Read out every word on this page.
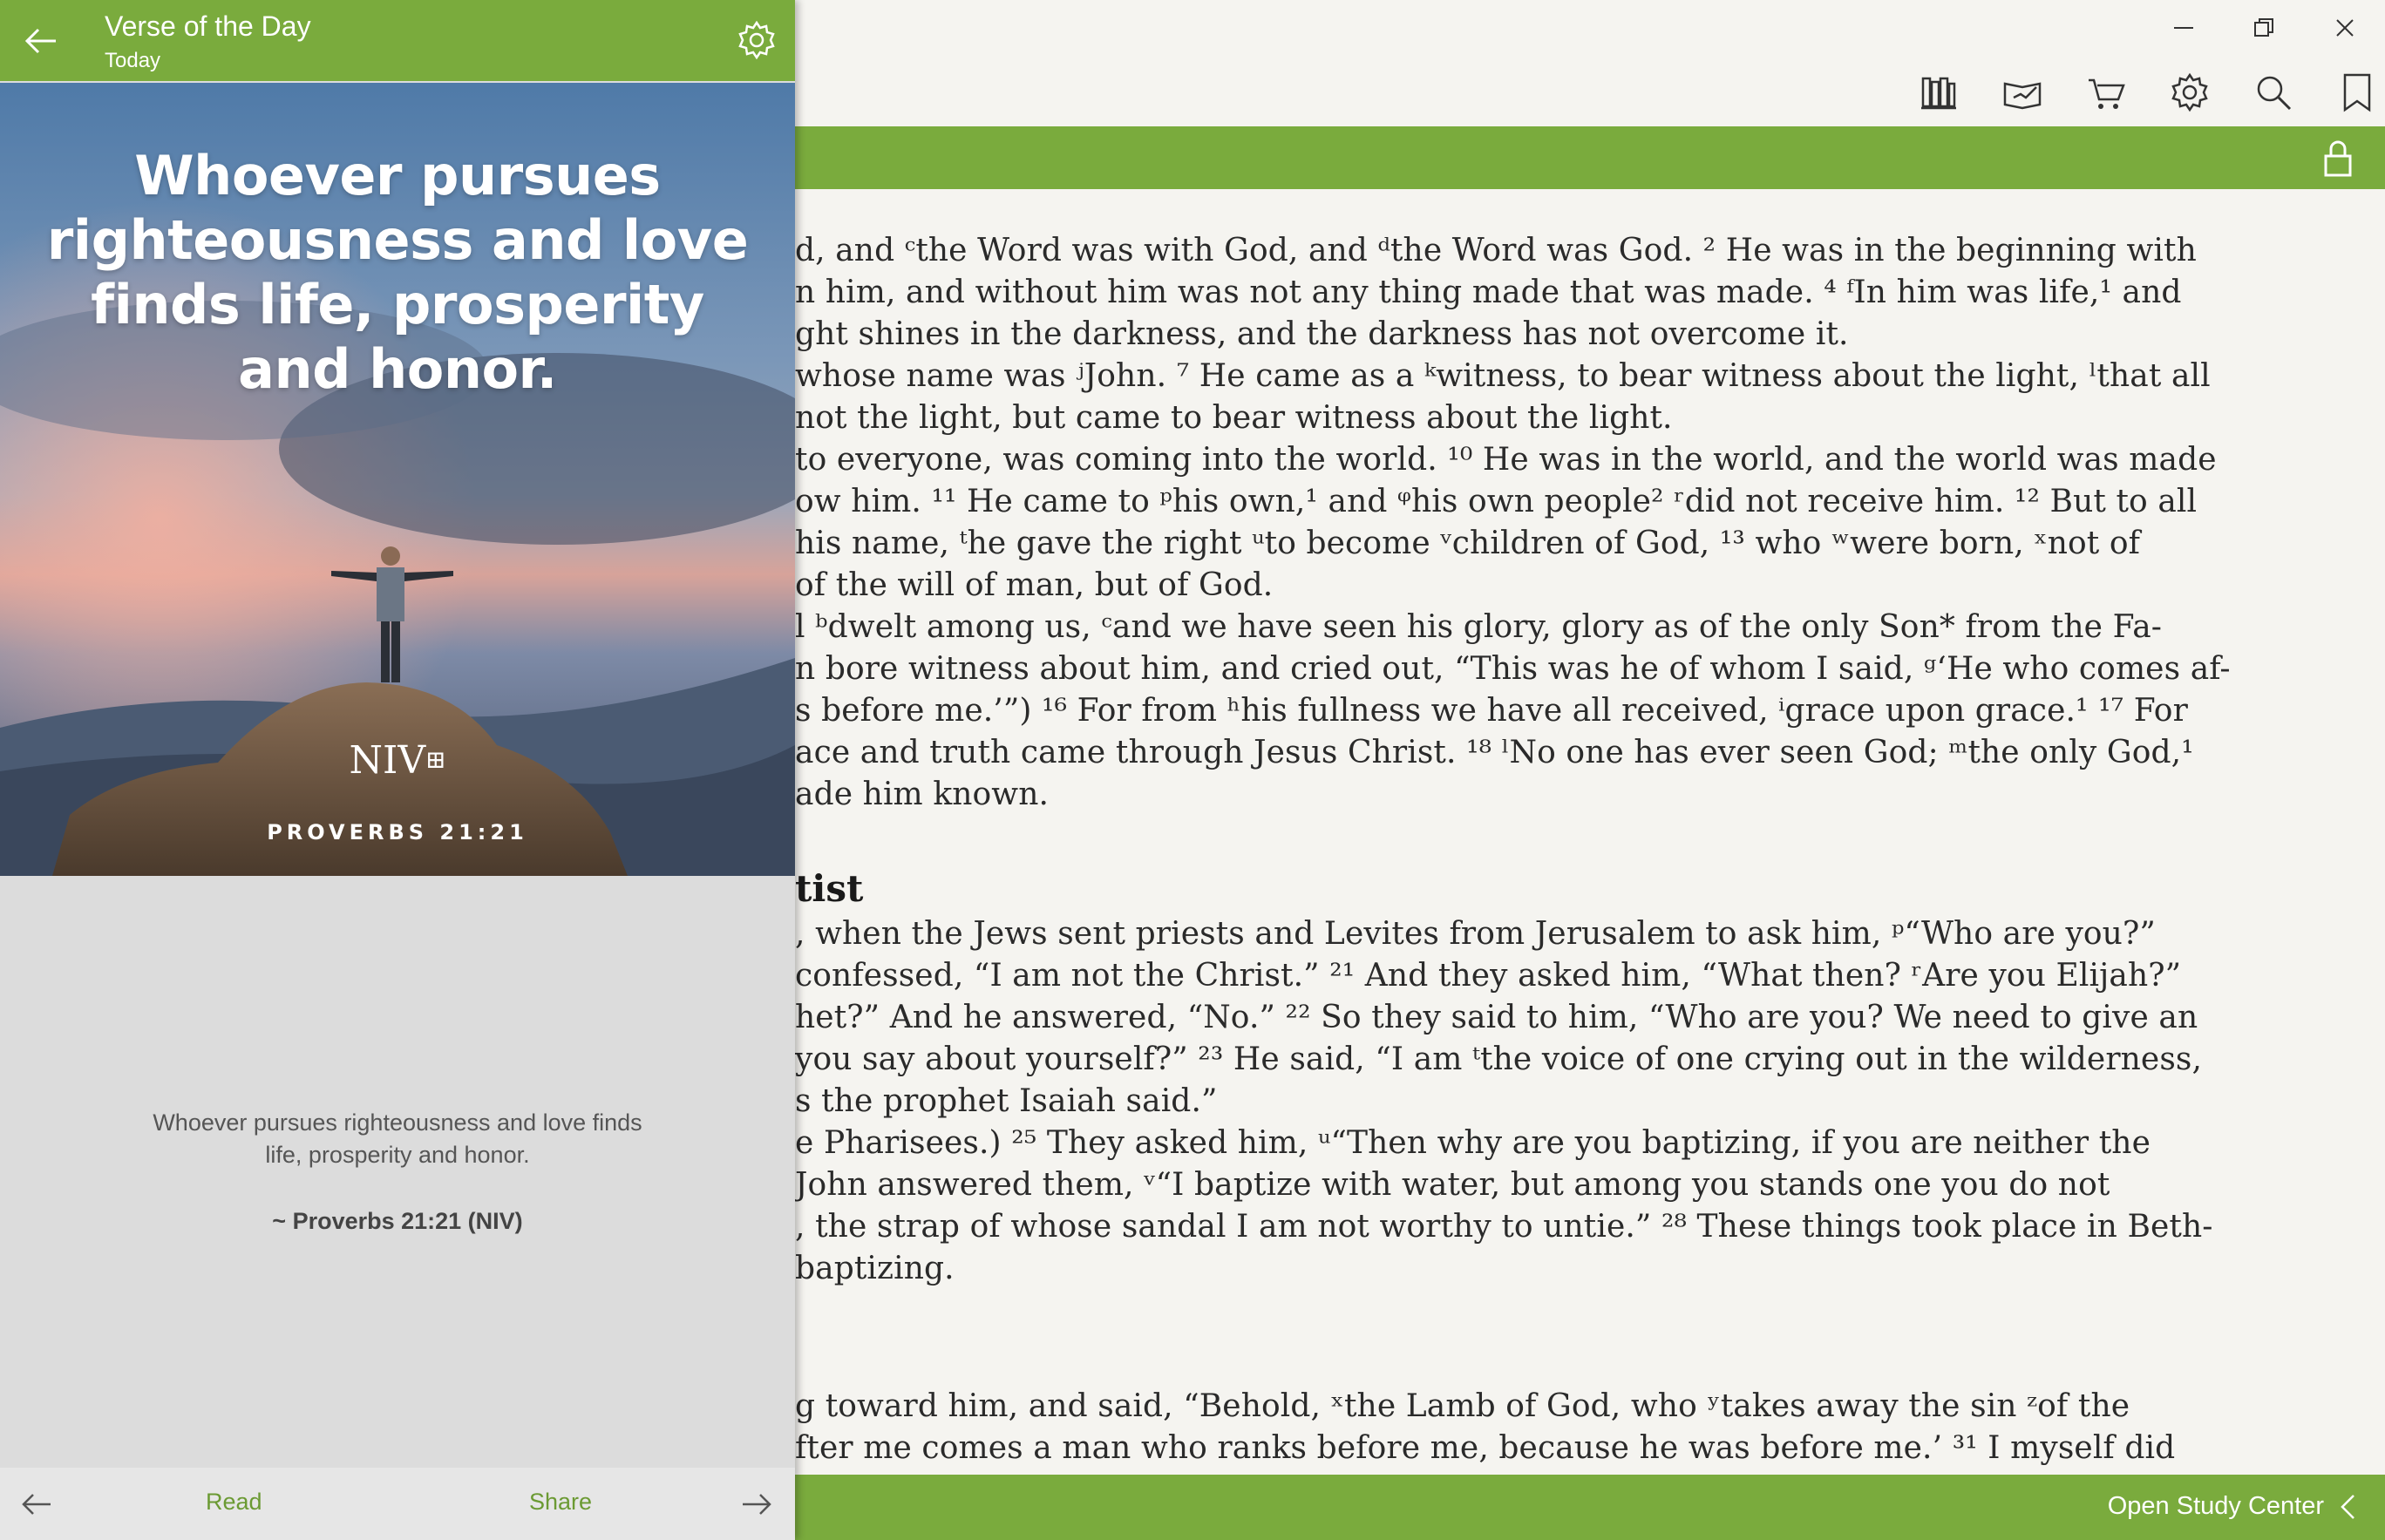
d, and ᶜthe Word was with God, and ᵈthe Word was God. ² He was in the beginning with
n him, and without him was not any thing made that was made. ⁴ ᶠIn him was life,¹ and
ght shines in the darkness, and the darkness has not overcome it.
whose name was ʲJohn. ⁷ He came as a ᵏwitness, to bear witness about the light, ˡthat all
not the light, but came to bear witness about the light.
to everyone, was coming into the world. ¹⁰ He was in the world, and the world was made
ow him. ¹¹ He came to ᵖhis own,¹ and ᵠhis own people² ʳdid not receive him. ¹² But to all
his name, ᵗhe gave the right ᵘto become ᵛchildren of God, ¹³ who ʷwere born, ˣnot of
of the will of man, but of God.
l ᵇdwelt among us, ᶜand we have seen his glory, glory as of the only Son* from the Fa-
n bore witness about him, and cried out, “This was he of whom I said, ᵍ‘He who comes af-
s before me.’”) ¹⁶ For from ʰhis fullness we have all received, ⁱgrace upon grace.¹ ¹⁷ For
ace and truth came through Jesus Christ. ¹⁸ ˡNo one has ever seen God; ᵐthe only God,¹
ade him known.
tist
, when the Jews sent priests and Levites from Jerusalem to ask him, ᵖ“Who are you?”
confessed, “I am not the Christ.” ²¹ And they asked him, “What then? ʳAre you Elijah?”
het?” And he answered, “No.” ²² So they said to him, “Who are you? We need to give an
you say about yourself?” ²³ He said, “I am ᵗthe voice of one crying out in the wilderness,
s the prophet Isaiah said.”
e Pharisees.) ²⁵ They asked him, ᵘ“Then why are you baptizing, if you are neither the
John answered them, ᵛ“I baptize with water, but among you stands one you do not
, the strap of whose sandal I am not worthy to untie.” ²⁸ These things took place in Beth-
baptizing.
g toward him, and said, “Behold, ˣthe Lamb of God, who ʸtakes away the sin ᶻof the
fter me comes a man who ranks before me, because he was before me.’ ³¹ I myself did
Open Study Center
Verse of the Day
Today
Whoever pursues righteousness and love finds life, prosperity and honor.
NIV⊞
PROVERBS 21:21
Whoever pursues righteousness and love finds life, prosperity and honor.
~ Proverbs 21:21 (NIV)
Read	Share
